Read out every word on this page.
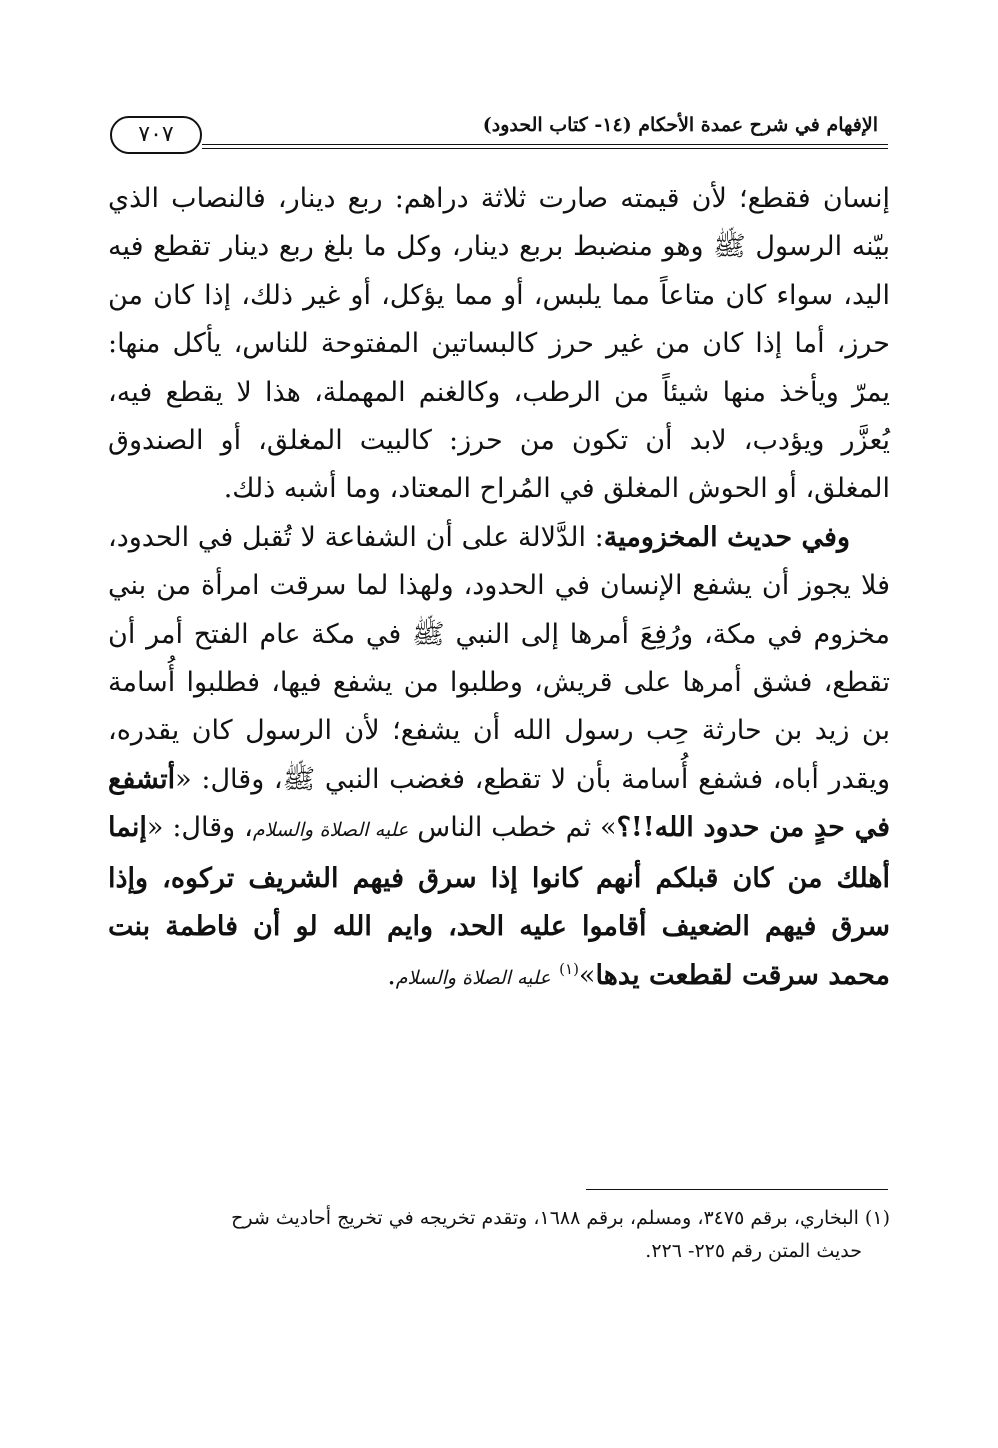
الإفهام في شرح عمدة الأحكام (١٤- كتاب الحدود)
٧٠٧

إنسان فقطع؛ لأن قيمته صارت ثلاثة دراهم: ربع دينار، فالنصاب الذي بيّنه الرسول ﷺ وهو منضبط بربع دينار، وكل ما بلغ ربع دينار تقطع فيه اليد، سواء كان متاعاً مما يلبس، أو مما يؤكل، أو غير ذلك، إذا كان من حرز، أما إذا كان من غير حرز كالبساتين المفتوحة للناس، يأكل منها: يمرّ ويأخذ منها شيئاً من الرطب، وكالغنم المهملة، هذا لا يقطع فيه، يُعزَّر ويؤدب، لابد أن تكون من حرز: كالبيت المغلق، أو الصندوق المغلق، أو الحوش المغلق في المُراح المعتاد، وما أشبه ذلك.

وفي حديث المخزومية: الدَّلالة على أن الشفاعة لا تُقبل في الحدود، فلا يجوز أن يشفع الإنسان في الحدود، ولهذا لما سرقت امرأة من بني مخزوم في مكة، ورُفِعَ أمرها إلى النبي ﷺ في مكة عام الفتح أمر أن تقطع، فشق أمرها على قريش، وطلبوا من يشفع فيها، فطلبوا أُسامة بن زيد بن حارثة حِب رسول الله أن يشفع؛ لأن الرسول كان يقدره، ويقدر أباه، فشفع أُسامة بأن لا تقطع، فغضب النبي ﷺ، وقال: «أتشفع في حدٍ من حدود الله!!؟» ثم خطب الناس عليه الصلاة والسلام، وقال: «إنما أهلك من كان قبلكم أنهم كانوا إذا سرق فيهم الشريف تركوه، وإذا سرق فيهم الضعيف أقاموا عليه الحد، وايم الله لو أن فاطمة بنت محمد سرقت لقطعت يدها»$^{(١)}$ عليه الصلاة والسلام.

(١) البخاري، برقم ٣٤٧٥، ومسلم، برقم ١٦٨٨، وتقدم تخريجه في تخريج أحاديث شرح

حديث المتن رقم ٢٢٥- ٢٢٦.
